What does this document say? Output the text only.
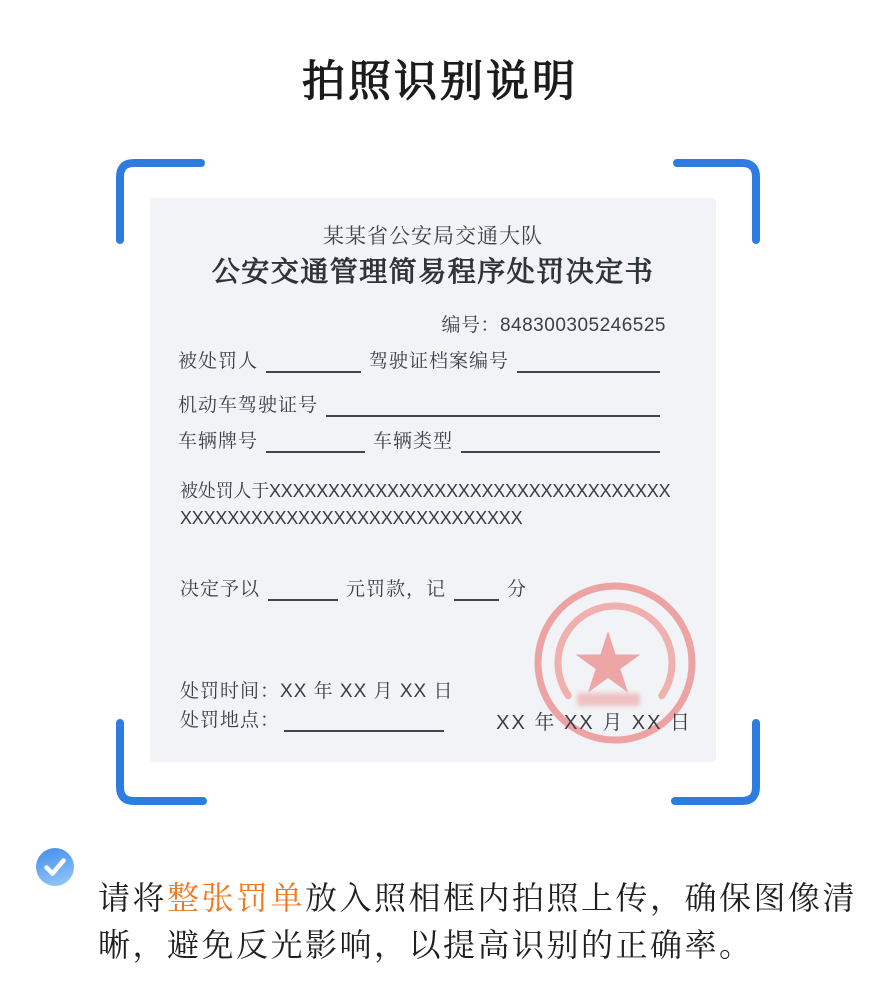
拍照识别说明
某某省公安局交通大队
公安交通管理简易程序处罚决定书
编号：848300305246525
被处罚人	驾驶证档案编号
机动车驾驶证号
车辆牌号	车辆类型
被处罚人于XXXXXXXXXXXXXXXXXXXXXXXXXXXXXXXXXXXXXXXXXXXXXXXXXXXXXXXXXXXXXXX
决定予以	元罚款，记	分
处罚时间：XX 年 XX 月 XX 日
处罚地点：	XX 年 XX 月 XX 日

请将整张罚单放入照相框内拍照上传，确保图像清晰，避免反光影响，以提高识别的正确率。
